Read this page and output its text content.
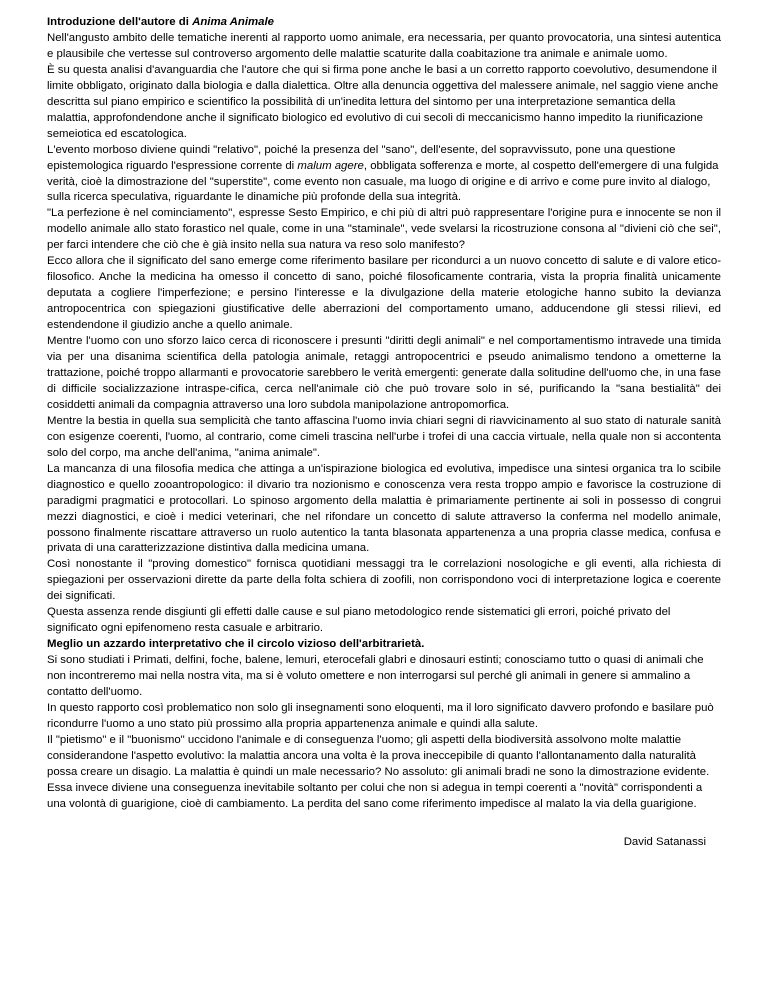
Introduzione dell'autore di Anima Animale

Nell'angusto ambito delle tematiche inerenti al rapporto uomo animale, era necessaria, per quanto provocatoria, una sintesi autentica e plausibile che vertesse sul controverso argomento delle malattie scaturite dalla coabitazione tra animale e animale uomo.

È su questa analisi d'avanguardia che l'autore che qui si firma pone anche le basi a un corretto rapporto coevolutivo, desumendone il limite obbligato, originato dalla biologia e dalla dialettica. Oltre alla denuncia oggettiva del malessere animale, nel saggio viene anche descritta sul piano empirico e scientifico la possibilità di un'inedita lettura del sintomo per una interpretazione semantica della malattia, approfondendone anche il significato biologico ed evolutivo di cui secoli di meccanicismo hanno impedito la riunificazione semeiotica ed escatologica.

L'evento morboso diviene quindi "relativo", poiché la presenza del "sano", dell'esente, del sopravvissuto, pone una questione epistemologica riguardo l'espressione corrente di malum agere, obbligata sofferenza e morte, al cospetto dell'emergere di una fulgida verità, cioè la dimostrazione del "superstite", come evento non casuale, ma luogo di origine e di arrivo e come pure invito al dialogo, sulla ricerca speculativa, riguardante le dinamiche più profonde della sua integrità.

"La perfezione è nel cominciamento", espresse Sesto Empirico, e chi più di altri può rappresentare l'origine pura e innocente se non il modello animale allo stato forastico nel quale, come in una "staminale", vede svelarsi la ricostruzione consona al "divieni ciò che sei", per farci intendere che ciò che è già insito nella sua natura va reso solo manifesto?

Ecco allora che il significato del sano emerge come riferimento basilare per ricondurci a un nuovo concetto di salute e di valore etico-filosofico. Anche la medicina ha omesso il concetto di sano, poiché filosoficamente contraria, vista la propria finalità unicamente deputata a cogliere l'imperfezione; e persino l'interesse e la divulgazione della materie etologiche hanno subito la devianza antropocentrica con spiegazioni giustificative delle aberrazioni del comportamento umano, adducendone gli stessi rilievi, ed estendendone il giudizio anche a quello animale.

Mentre l'uomo con uno sforzo laico cerca di riconoscere i presunti "diritti degli animali" e nel comportamentismo intravede una timida via per una disanima scientifica della patologia animale, retaggi antropocentrici e pseudo animalismo tendono a ometterne la trattazione, poiché troppo allarmanti e provocatorie sarebbero le verità emergenti: generate dalla solitudine dell'uomo che, in una fase di difficile socializzazione intraspe-cifica, cerca nell'animale ciò che può trovare solo in sé, purificando la "sana bestialità" dei cosiddetti animali da compagnia attraverso una loro subdola manipolazione antropomorfica.

Mentre la bestia in quella sua semplicità che tanto affascina l'uomo invia chiari segni di riavvicinamento al suo stato di naturale sanità con esigenze coerenti, l'uomo, al contrario, come cimeli trascina nell'urbe i trofei di una caccia virtuale, nella quale non si accontenta solo del corpo, ma anche dell'anima, "anima animale".

La mancanza di una filosofia medica che attinga a un'ispirazione biologica ed evolutiva, impedisce una sintesi organica tra lo scibile diagnostico e quello zooantropologico: il divario tra nozionismo e conoscenza vera resta troppo ampio e favorisce la costruzione di paradigmi pragmatici e protocollari. Lo spinoso argomento della malattia è primariamente pertinente ai soli in possesso di congrui mezzi diagnostici, e cioè i medici veterinari, che nel rifondare un concetto di salute attraverso la conferma nel modello animale, possono finalmente riscattare attraverso un ruolo autentico la tanta blasonata appartenenza a una propria classe medica, confusa e privata di una caratterizzazione distintiva dalla medicina umana.

Così nonostante il "proving domestico" fornisca quotidiani messaggi tra le correlazioni nosologiche e gli eventi, alla richiesta di spiegazioni per osservazioni dirette da parte della folta schiera di zoofili, non corrispondono voci di interpretazione logica e coerente dei significati.

Questa assenza rende disgiunti gli effetti dalle cause e sul piano metodologico rende sistematici gli errori, poiché privato del significato ogni epifenomeno resta casuale e arbitrario.

Meglio un azzardo interpretativo che il circolo vizioso dell'arbitrarietà.

Si sono studiati i Primati, delfini, foche, balene, lemuri, eterocefali glabri e dinosauri estinti; conosciamo tutto o quasi di animali che non incontreremo mai nella nostra vita, ma si è voluto omettere e non interrogarsi sul perché gli animali in genere si ammalino a contatto dell'uomo.

In questo rapporto così problematico non solo gli insegnamenti sono eloquenti, ma il loro significato davvero profondo e basilare può ricondurre l'uomo a uno stato più prossimo alla propria appartenenza animale e quindi alla salute.

Il "pietismo" e il "buonismo" uccidono l'animale e di conseguenza l'uomo; gli aspetti della biodiversità assolvono molte malattie considerandone l'aspetto evolutivo: la malattia ancora una volta è la prova ineccepibile di quanto l'allontanamento dalla naturalità possa creare un disagio. La malattia è quindi un male necessario? No assoluto: gli animali bradi ne sono la dimostrazione evidente.

Essa invece diviene una conseguenza inevitabile soltanto per colui che non si adegua in tempi coerenti a "novità" corrispondenti a una volontà di guarigione, cioè di cambiamento. La perdita del sano come riferimento impedisce al malato la via della guarigione.

David Satanassi
